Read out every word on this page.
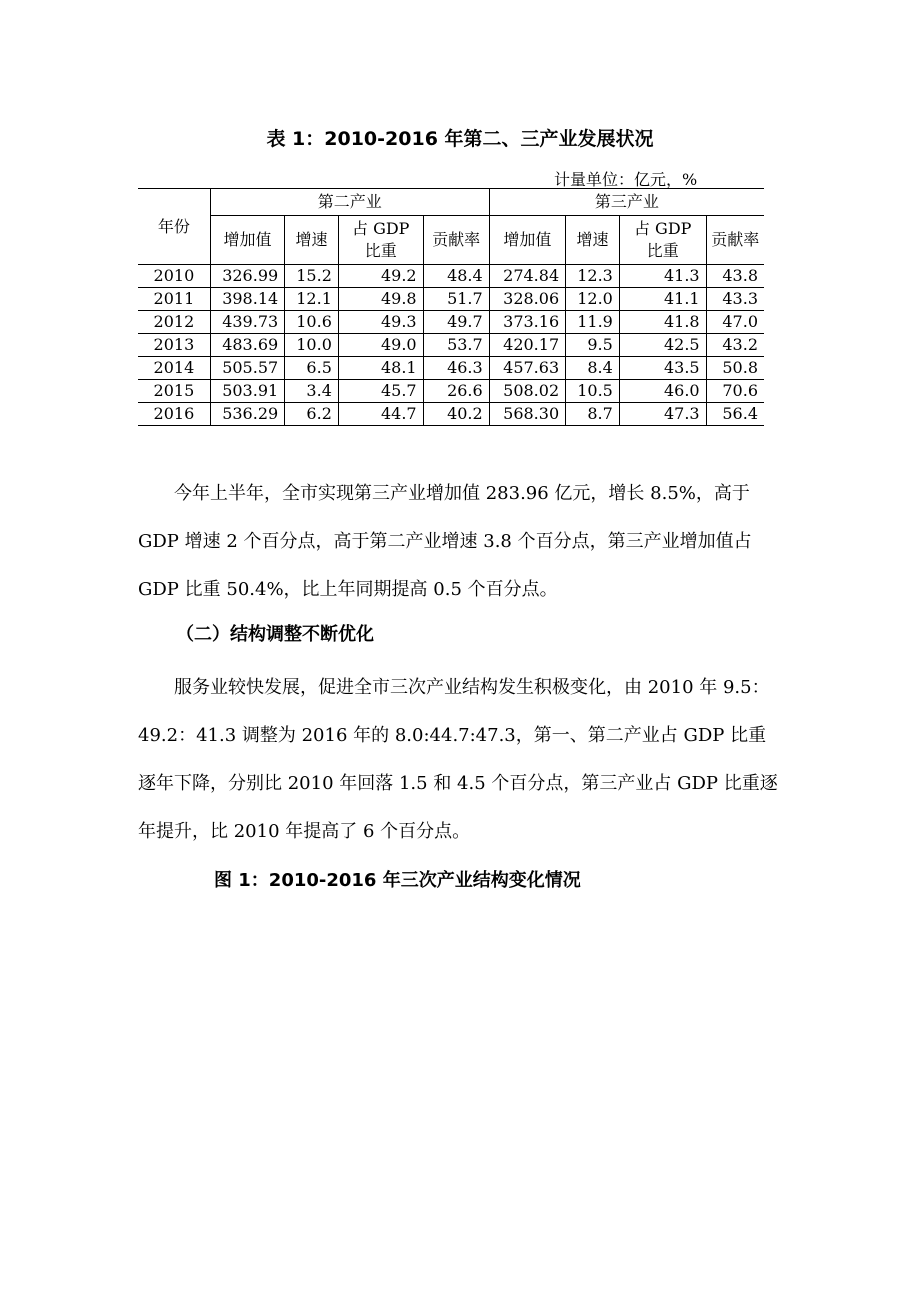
表 1：2010-2016 年第二、三产业发展状况
计量单位：亿元，%
年份	第二产业				第三产业			
	增加值	增速	占 GDP 比重	贡献率	增加值	增速	占 GDP 比重	贡献率
2010	326.99	15.2	49.2	48.4	274.84	12.3	41.3	43.8
2011	398.14	12.1	49.8	51.7	328.06	12.0	41.1	43.3
2012	439.73	10.6	49.3	49.7	373.16	11.9	41.8	47.0
2013	483.69	10.0	49.0	53.7	420.17	9.5	42.5	43.2
2014	505.57	6.5	48.1	46.3	457.63	8.4	43.5	50.8
2015	503.91	3.4	45.7	26.6	508.02	10.5	46.0	70.6
2016	536.29	6.2	44.7	40.2	568.30	8.7	47.3	56.4
今年上半年，全市实现第三产业增加值 283.96 亿元，增长 8.5%，高于 GDP 增速 2 个百分点，高于第二产业增速 3.8 个百分点，第三产业增加值占 GDP 比重 50.4%，比上年同期提高 0.5 个百分点。
（二）结构调整不断优化
服务业较快发展，促进全市三次产业结构发生积极变化，由 2010 年 9.5：49.2：41.3 调整为 2016 年的 8.0:44.7:47.3，第一、第二产业占 GDP 比重逐年下降，分别比 2010 年回落 1.5 和 4.5 个百分点，第三产业占 GDP 比重逐年提升，比 2010 年提高了 6 个百分点。
图 1：2010-2016 年三次产业结构变化情况
